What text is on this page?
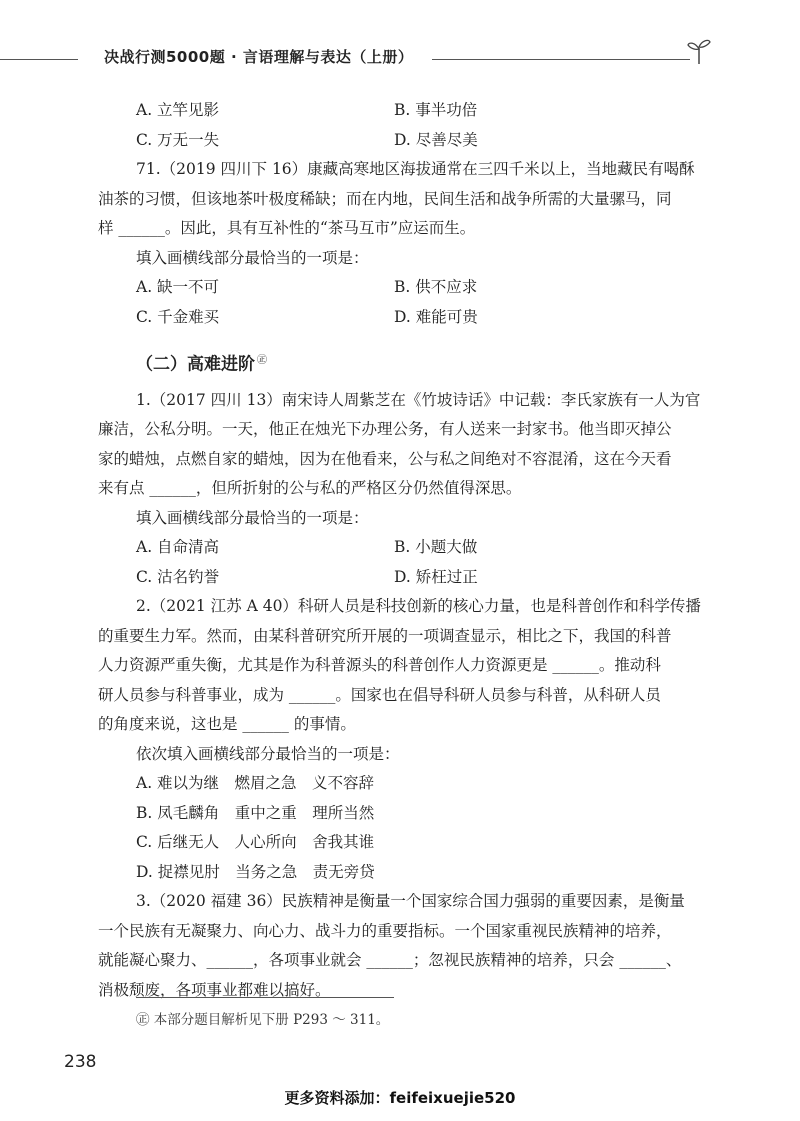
决战行测5000题 · 言语理解与表达（上册）
A. 立竿见影	B. 事半功倍
C. 万无一失	D. 尽善尽美
71.（2019 四川下 16）康藏高寒地区海拔通常在三四千米以上，当地藏民有喝酥
油茶的习惯，但该地茶叶极度稀缺；而在内地，民间生活和战争所需的大量骡马，同
样 ______。因此，具有互补性的“茶马互市”应运而生。
填入画横线部分最恰当的一项是：
A. 缺一不可	B. 供不应求
C. 千金难买	D. 难能可贵
（二）高难进阶 ㊣
1.（2017 四川 13）南宋诗人周紫芝在《竹坡诗话》中记载：李氏家族有一人为官
廉洁，公私分明。一天，他正在烛光下办理公务，有人送来一封家书。他当即灭掉公
家的蜡烛，点燃自家的蜡烛，因为在他看来，公与私之间绝对不容混淆，这在今天看
来有点 ______，但所折射的公与私的严格区分仍然值得深思。
填入画横线部分最恰当的一项是：
A. 自命清高	B. 小题大做
C. 沽名钓誉	D. 矫枉过正
2.（2021 江苏 A 40）科研人员是科技创新的核心力量，也是科普创作和科学传播
的重要生力军。然而，由某科普研究所开展的一项调查显示，相比之下，我国的科普
人力资源严重失衡，尤其是作为科普源头的科普创作人力资源更是 ______。推动科
研人员参与科普事业，成为 ______。国家也在倡导科研人员参与科普，从科研人员
的角度来说，这也是 ______ 的事情。
依次填入画横线部分最恰当的一项是：
A. 难以为继　燃眉之急　义不容辞
B. 凤毛麟角　重中之重　理所当然
C. 后继无人　人心所向　舍我其谁
D. 捉襟见肘　当务之急　责无旁贷
3.（2020 福建 36）民族精神是衡量一个国家综合国力强弱的重要因素，是衡量
一个民族有无凝聚力、向心力、战斗力的重要指标。一个国家重视民族精神的培养，
就能凝心聚力、______，各项事业就会 ______；忽视民族精神的培养，只会 ______、
消极颓废，各项事业都难以搞好。
㊣ 本部分题目解析见下册 P293 ～ 311。
238
更多资料添加：feifeixuejie520
